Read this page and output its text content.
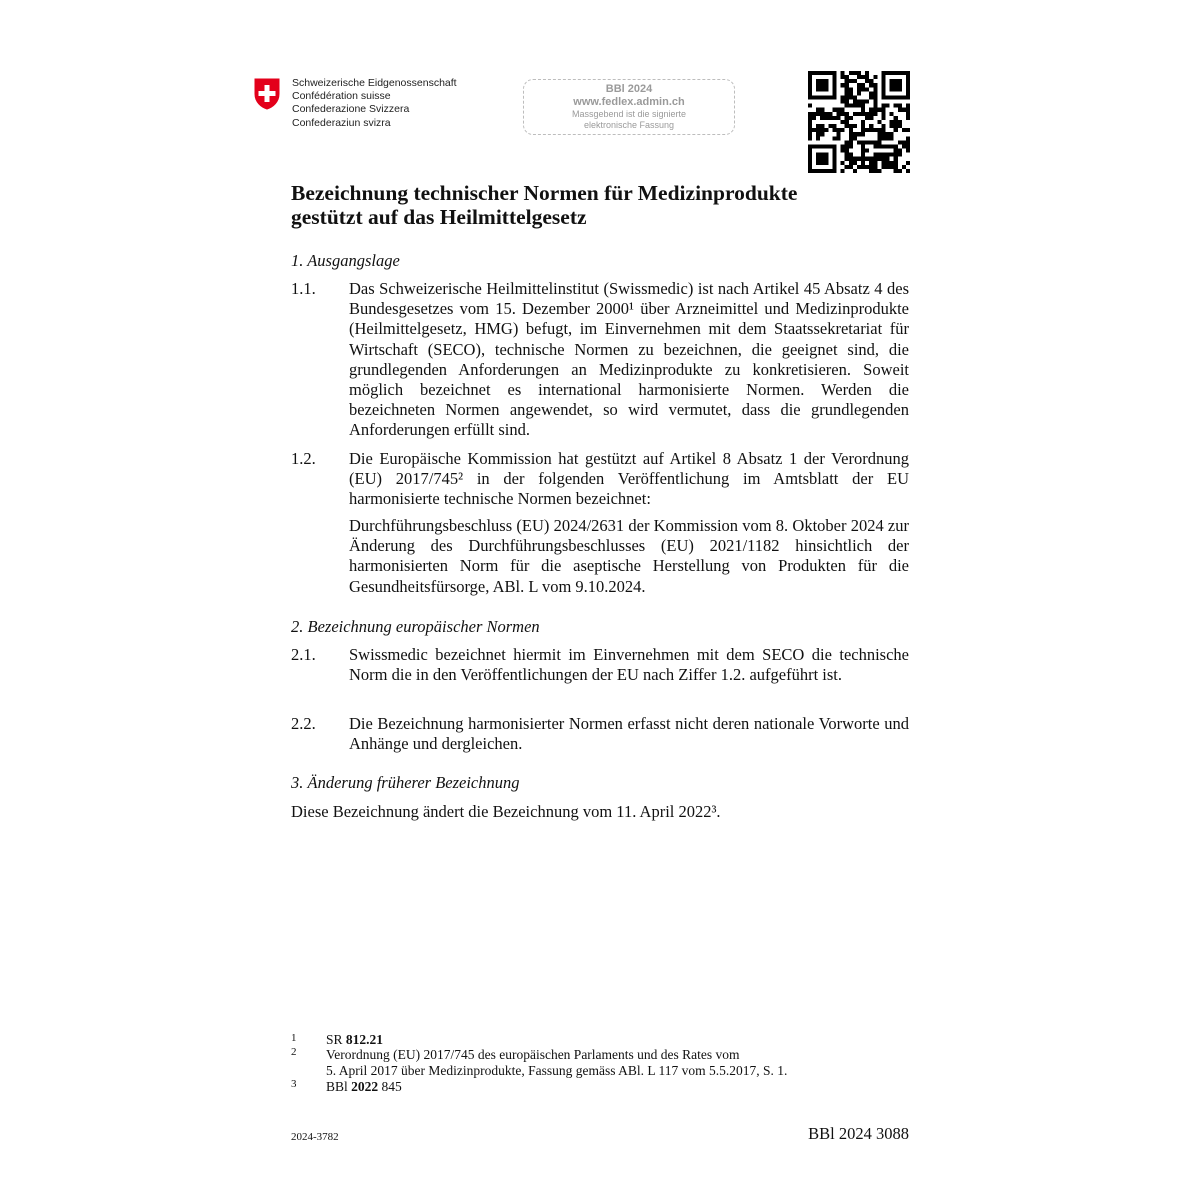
Schweizerische Eidgenossenschaft
Confédération suisse
Confederazione Svizzera
Confederaziun svizra
BBl 2024
www.fedlex.admin.ch
Massgebend ist die signierte
elektronische Fassung
Bezeichnung technischer Normen für Medizinprodukte
gestützt auf das Heilmittelgesetz
1. Ausgangslage
1.1. Das Schweizerische Heilmittelinstitut (Swissmedic) ist nach Artikel 45 Absatz 4 des Bundesgesetzes vom 15. Dezember 2000¹ über Arzneimittel und Medizinprodukte (Heilmittelgesetz, HMG) befugt, im Einvernehmen mit dem Staatssekretariat für Wirtschaft (SECO), technische Normen zu bezeichnen, die geeignet sind, die grundlegenden Anforderungen an Medizinprodukte zu konkretisieren. Soweit möglich bezeichnet es international harmonisierte Normen. Werden die bezeichneten Normen angewendet, so wird vermutet, dass die grundlegenden Anforderungen erfüllt sind.
1.2. Die Europäische Kommission hat gestützt auf Artikel 8 Absatz 1 der Verordnung (EU) 2017/745² in der folgenden Veröffentlichung im Amtsblatt der EU harmonisierte technische Normen bezeichnet:
Durchführungsbeschluss (EU) 2024/2631 der Kommission vom 8. Oktober 2024 zur Änderung des Durchführungsbeschlusses (EU) 2021/1182 hinsichtlich der harmonisierten Norm für die aseptische Herstellung von Produkten für die Gesundheitsfürsorge, ABl. L vom 9.10.2024.
2. Bezeichnung europäischer Normen
2.1. Swissmedic bezeichnet hiermit im Einvernehmen mit dem SECO die technische Norm die in den Veröffentlichungen der EU nach Ziffer 1.2. aufgeführt ist.
2.2. Die Bezeichnung harmonisierter Normen erfasst nicht deren nationale Vorworte und Anhänge und dergleichen.
3. Änderung früherer Bezeichnung
Diese Bezeichnung ändert die Bezeichnung vom 11. April 2022³.
1 SR 812.21
2 Verordnung (EU) 2017/745 des europäischen Parlaments und des Rates vom
5. April 2017 über Medizinprodukte, Fassung gemäss ABl. L 117 vom 5.5.2017, S. 1.
3 BBl 2022 845
2024-3782	BBl 2024 3088
